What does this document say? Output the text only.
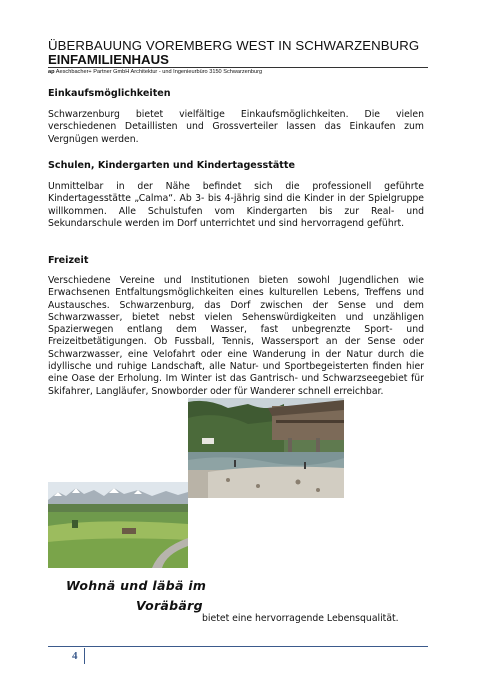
ÜBERBAUUNG VOREMBERG WEST IN SCHWARZENBURG
EINFAMILIENHAUS
ap Aeschbacher+ Partner GmbH Architektur - und Ingenieurbüro 3150 Schwarzenburg
Einkaufsmöglichkeiten
Schwarzenburg bietet vielfältige Einkaufsmöglichkeiten. Die vielen verschiedenen Detaillisten und Grossverteiler lassen das Einkaufen zum Vergnügen werden.
Schulen, Kindergarten und Kindertagesstätte
Unmittelbar in der Nähe befindet sich die professionell geführte Kindertagesstätte „Calma“. Ab 3- bis 4-jährig sind die Kinder in der Spielgruppe willkommen. Alle Schulstufen vom Kindergarten bis zur Real- und Sekundarschule werden im Dorf unterrichtet und sind hervorragend geführt.
Freizeit
Verschiedene Vereine und Institutionen bieten sowohl Jugendlichen wie Erwachsenen Entfaltungsmöglichkeiten eines kulturellen Lebens, Treffens und Austausches. Schwarzenburg, das Dorf zwischen der Sense und dem Schwarzwasser, bietet nebst vielen Sehenswürdigkeiten und unzähligen Spazierwegen entlang dem Wasser, fast unbegrenzte Sport- und Freizeitbetätigungen. Ob Fussball, Tennis, Wassersport an der Sense oder Schwarzwasser, eine Velofahrt oder eine Wanderung in der Natur durch die idyllische und ruhige Landschaft, alle Natur- und Sportbegeisterten finden hier eine Oase der Erholung. Im Winter ist das Gantrisch- und Schwarzseegebiet für Skifahrer, Langläufer, Snowborder oder für Wanderer schnell erreichbar.
Wohnä und läbä im
Voräbärg
bietet eine hervorragende Lebensqualität.
4
